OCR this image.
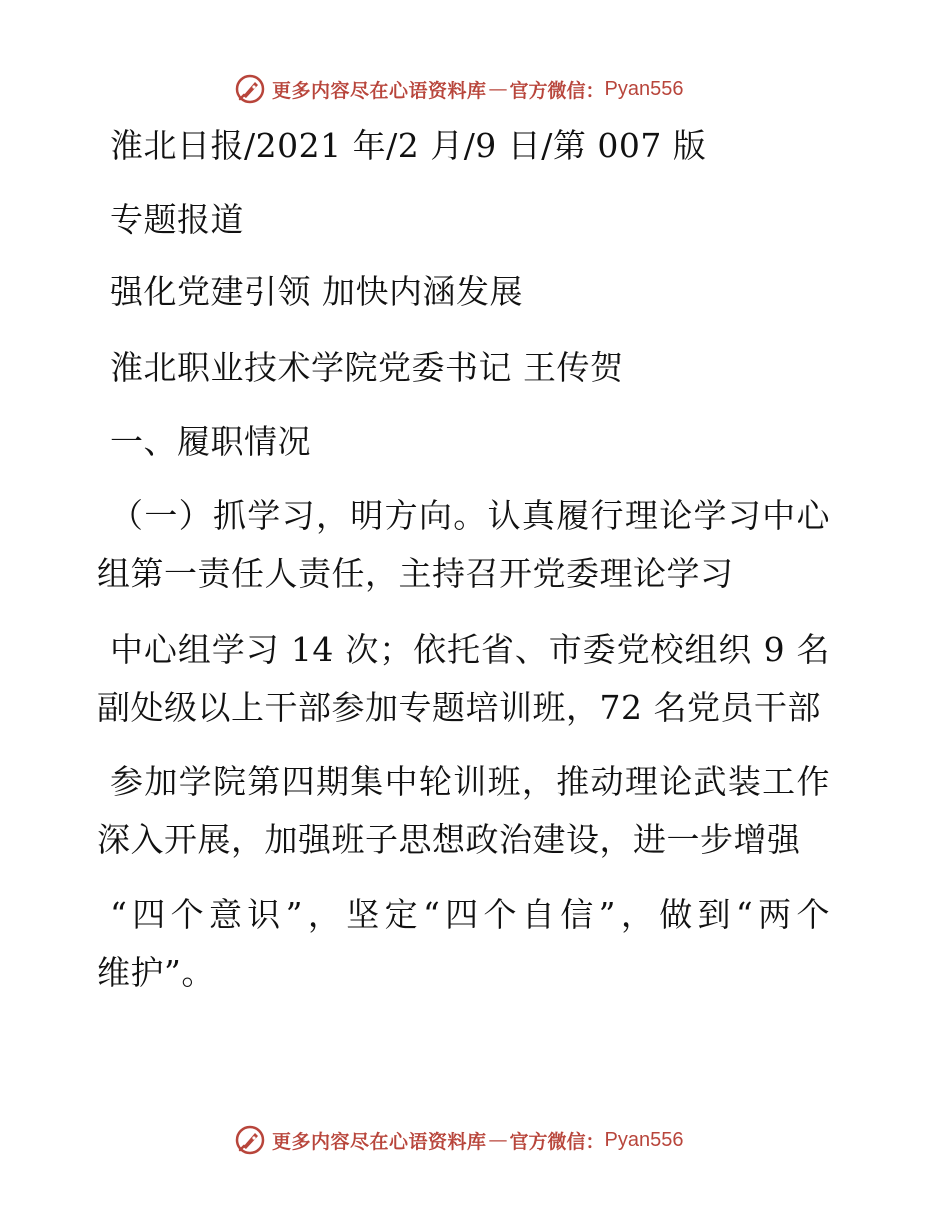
更多内容尽在心语资料库 — 官方微信： Pyan556
淮北日报/2021 年/2 月/9 日/第 007 版
专题报道
强化党建引领 加快内涵发展
淮北职业技术学院党委书记 王传贺
一、履职情况
（一）抓学习，明方向。认真履行理论学习中心
组第一责任人责任，主持召开党委理论学习
中心组学习 14 次；依托省、市委党校组织 9 名
副处级以上干部参加专题培训班，72 名党员干部
参加学院第四期集中轮训班，推动理论武装工作
深入开展，加强班子思想政治建设，进一步增强
“四个意识”，坚定“四个自信”，做到“两个
维护”。
更多内容尽在心语资料库 — 官方微信： Pyan556
